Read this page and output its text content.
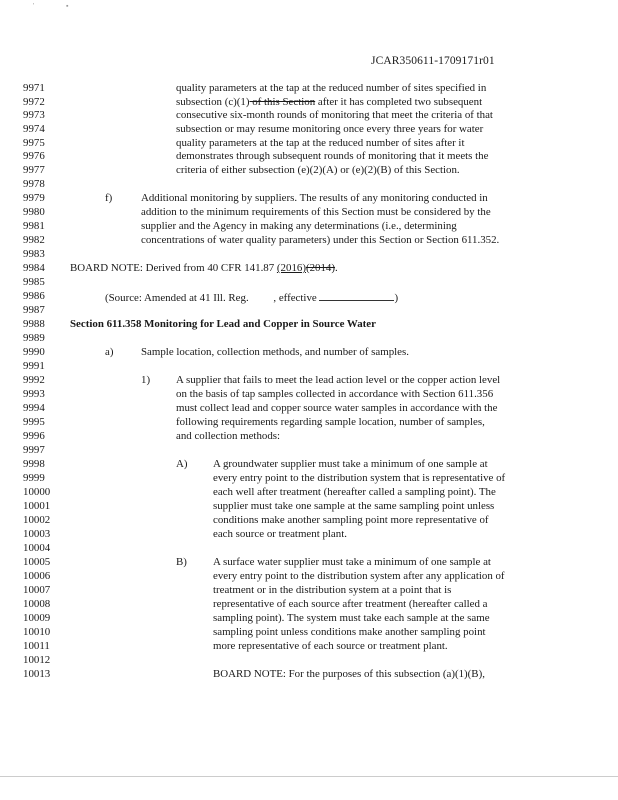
'	▪
JCAR350611-1709171r01
9971	quality parameters at the tap at the reduced number of sites specified in
9972	subsection (c)(1) of this Section after it has completed two subsequent
9973	consecutive six-month rounds of monitoring that meet the criteria of that
9974	subsection or may resume monitoring once every three years for water
9975	quality parameters at the tap at the reduced number of sites after it
9976	demonstrates through subsequent rounds of monitoring that it meets the
9977	criteria of either subsection (e)(2)(A) or (e)(2)(B) of this Section.
9978
9979	f)	Additional monitoring by suppliers. The results of any monitoring conducted in
9980	addition to the minimum requirements of this Section must be considered by the
9981	supplier and the Agency in making any determinations (i.e., determining
9982	concentrations of water quality parameters) under this Section or Section 611.352.
9983
9984	BOARD NOTE: Derived from 40 CFR 141.87 (2016)(2014).
9985
9986	(Source: Amended at 41 Ill. Reg. , effective	)
9987
9988	Section 611.358 Monitoring for Lead and Copper in Source Water
9989
9990	a)	Sample location, collection methods, and number of samples.
9991
9992	1) A supplier that fails to meet the lead action level or the copper action level
9993	on the basis of tap samples collected in accordance with Section 611.356
9994	must collect lead and copper source water samples in accordance with the
9995	following requirements regarding sample location, number of samples,
9996	and collection methods:
9997
9998	A) A groundwater supplier must take a minimum of one sample at
9999	every entry point to the distribution system that is representative of
10000	each well after treatment (hereafter called a sampling point). The
10001	supplier must take one sample at the same sampling point unless
10002	conditions make another sampling point more representative of
10003	each source or treatment plant.
10004
10005	B) A surface water supplier must take a minimum of one sample at
10006	every entry point to the distribution system after any application of
10007	treatment or in the distribution system at a point that is
10008	representative of each source after treatment (hereafter called a
10009	sampling point). The system must take each sample at the same
10010	sampling point unless conditions make another sampling point
10011	more representative of each source or treatment plant.
10012
10013	BOARD NOTE: For the purposes of this subsection (a)(1)(B),
